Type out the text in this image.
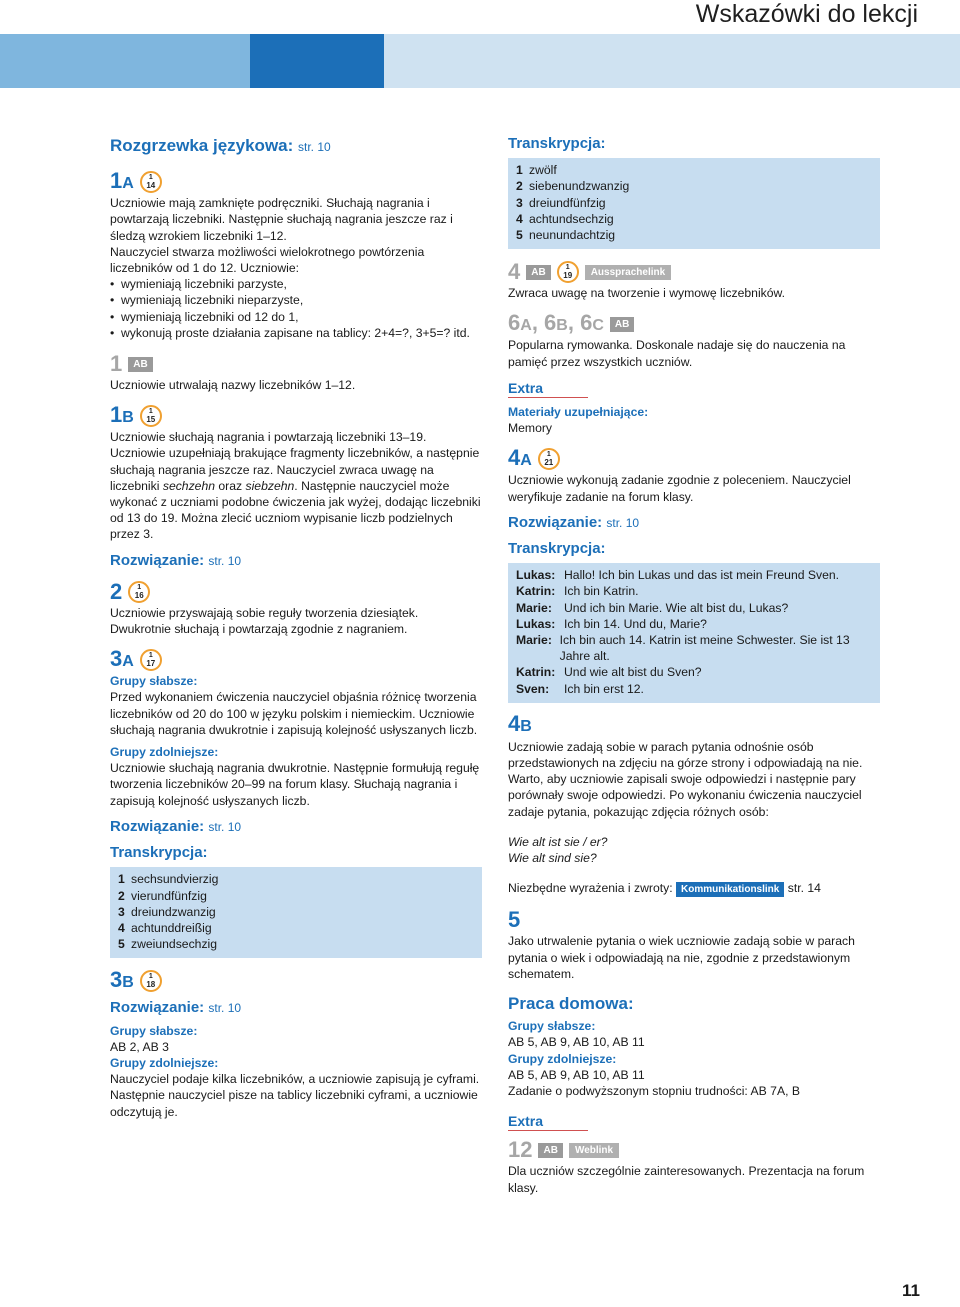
Wskazówki do lekcji

Rozgrzewka językowa: str. 10

1A 1
14

Uczniowie mają zamknięte podręczniki. Słuchają nagrania i powtarzają liczebniki. Następnie słuchają nagrania jeszcze raz i śledzą wzrokiem liczebniki 1–12.

Nauczyciel stwarza możliwości wielokrotnego powtórzenia liczebników od 1 do 12. Uczniowie:

• wymieniają liczebniki parzyste,
• wymieniają liczebniki nieparzyste,
• wymieniają liczebniki od 12 do 1,
• wykonują proste działania zapisane na tablicy: 2+4=?, 3+5=? itd.
1	AB

Uczniowie utrwalają nazwy liczebników 1–12.

1B 1
15

Uczniowie słuchają nagrania i powtarzają liczebniki 13–19. Uczniowie uzupełniają brakujące fragmenty liczebników, a następnie słuchają nagrania jeszcze raz. Nauczyciel zwraca uwagę na liczebniki sechzehn oraz siebzehn. Następnie nauczyciel może wykonać z uczniami podobne ćwiczenia jak wyżej, dodając liczebniki od 13 do 19. Można zlecić uczniom wypisanie liczb podzielnych przez 3.

Rozwiązanie: str. 10

2 1
16

Uczniowie przyswajają sobie reguły tworzenia dziesiątek. Dwukrotnie słuchają i powtarzają zgodnie z nagraniem.

3A 1
17

Grupy słabsze:

Przed wykonaniem ćwiczenia nauczyciel objaśnia różnicę tworzenia liczebników od 20 do 100 w języku polskim i niemieckim. Uczniowie słuchają nagrania dwukrotnie i zapisują kolejność usłyszanych liczb.

Grupy zdolniejsze:

Uczniowie słuchają nagrania dwukrotnie. Następnie formułują regułę tworzenia liczebników 20–99 na forum klasy. Słuchają nagrania i zapisują kolejność usłyszanych liczb.

Rozwiązanie: str. 10

Transkrypcja:

1 sechsundvierzig
2 vierundfünfzig
3 dreiundzwanzig
4 achtunddreißig
5 zweiundsechzig
3B 1
18

Rozwiązanie: str. 10

Grupy słabsze:

AB 2, AB 3

Grupy zdolniejsze:

Nauczyciel podaje kilka liczebników, a uczniowie zapisują je cyframi. Następnie nauczyciel pisze na tablicy liczebniki cyframi, a uczniowie odczytują je.

Transkrypcja:

1 zwölf
2 siebenundzwanzig
3 dreiundfünfzig
4 achtundsechzig
5 neunundachtzig
4	AB	1
19	Aussprachelink

Zwraca uwagę na tworzenie i wymowę liczebników.

6A, 6B, 6C	AB

Popularna rymowanka. Doskonale nadaje się do nauczenia na pamięć przez wszystkich uczniów.

Extra

Materiały uzupełniające:

Memory

4A 1
21

Uczniowie wykonują zadanie zgodnie z poleceniem. Nauczyciel weryfikuje zadanie na forum klasy.

Rozwiązanie: str. 10

Transkrypcja:

Lukas: Hallo! Ich bin Lukas und das ist mein Freund Sven.
Katrin: Ich bin Katrin.
Marie: Und ich bin Marie. Wie alt bist du, Lukas?
Lukas: Ich bin 14. Und du, Marie?
Marie: Ich bin auch 14. Katrin ist meine Schwester. Sie ist 13 Jahre alt.
Katrin: Und wie alt bist du Sven?
Sven:	Ich bin erst 12.
4B

Uczniowie zadają sobie w parach pytania odnośnie osób przedstawionych na zdjęciu na górze strony i odpowiadają na nie. Warto, aby uczniowie zapisali swoje odpowiedzi i następnie pary porównały swoje odpowiedzi. Po wykonaniu ćwiczenia nauczyciel zadaje pytania, pokazując zdjęcia różnych osób:

Wie alt ist sie / er?

Wie alt sind sie?

Niezbędne wyrażenia i zwroty: Kommunikationslink str. 14

5

Jako utrwalenie pytania o wiek uczniowie zadają sobie w parach pytania o wiek i odpowiadają na nie, zgodnie z przedstawionym schematem.

Praca domowa:

Grupy słabsze:

AB 5, AB 9, AB 10, AB 11

Grupy zdolniejsze:

AB 5, AB 9, AB 10, AB 11

Zadanie o podwyższonym stopniu trudności: AB 7A, B

Extra

12	AB	Weblink

Dla uczniów szczególnie zainteresowanych. Prezentacja na forum klasy.

11
